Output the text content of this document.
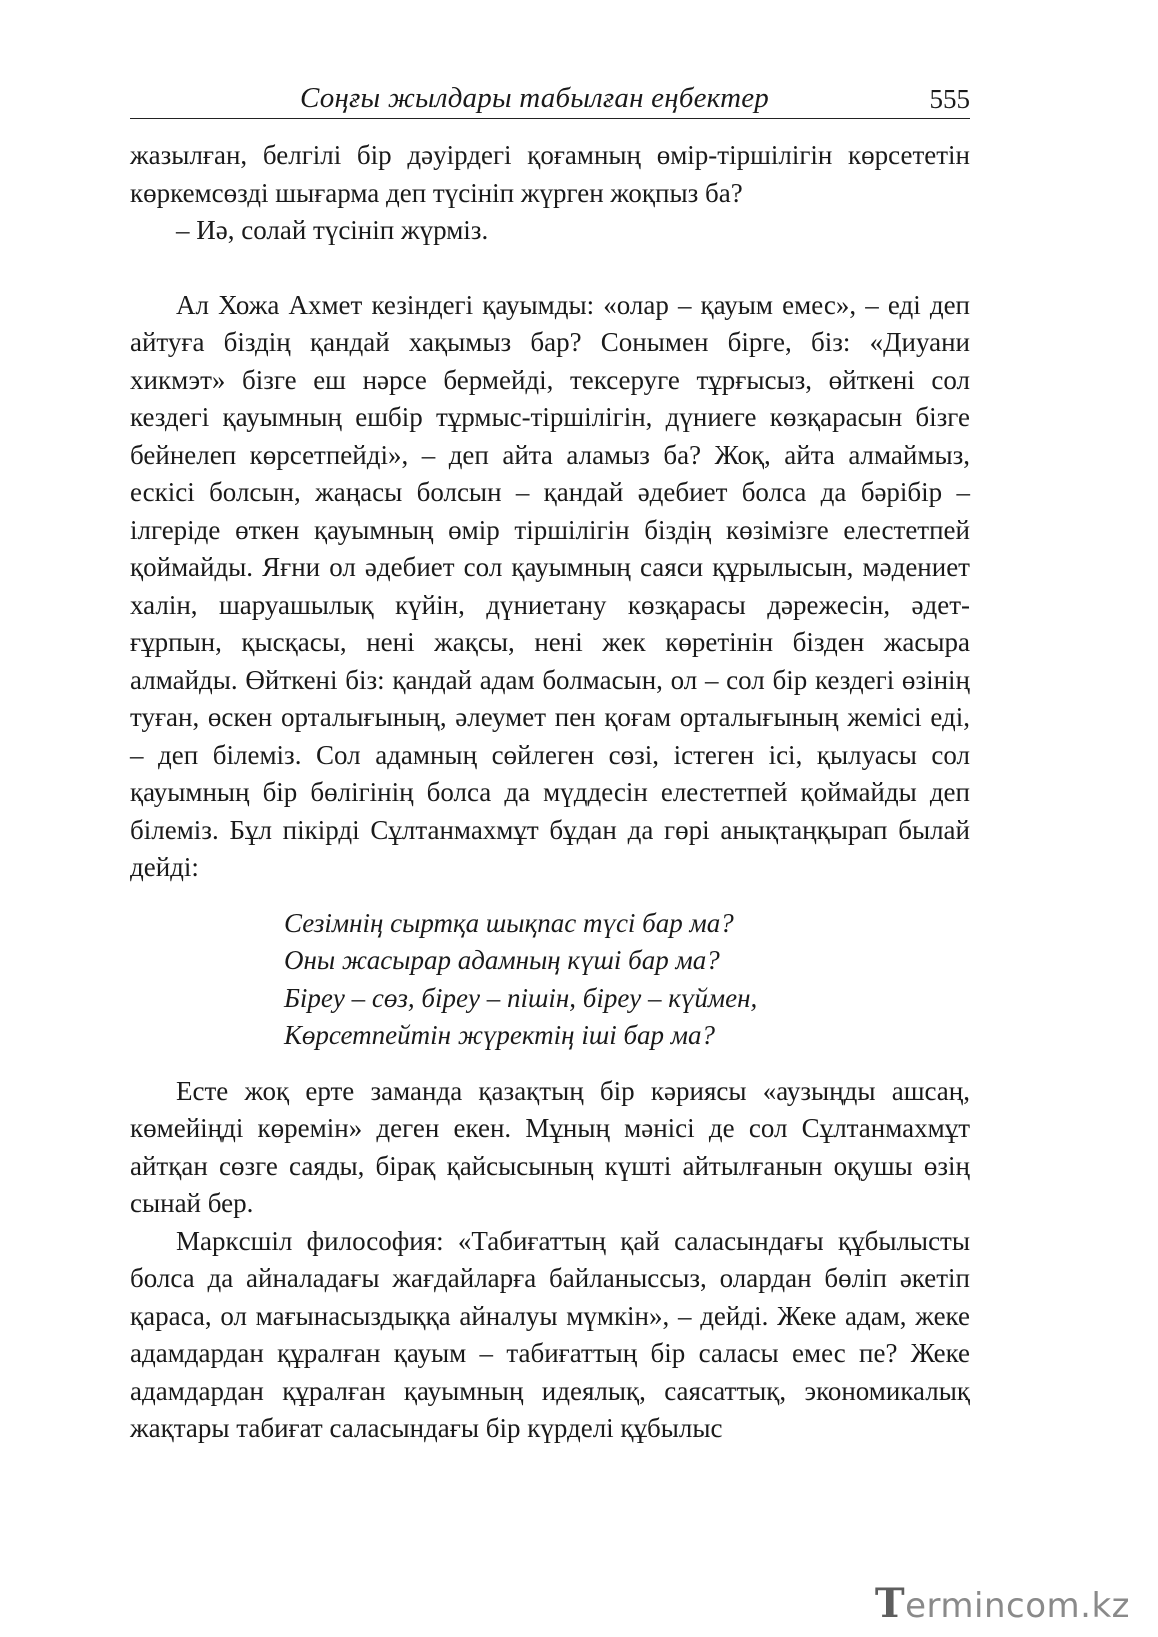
Соңғы жылдары табылған еңбектер	555

жазылған, белгілі бір дәуірдегі қоғамның өмір-тіршілігін көрсететін көркемсөзді шығарма деп түсініп жүрген жоқпыз ба?

– Иә, солай түсініп жүрміз.

Ал Хожа Ахмет кезіндегі қауымды: «олар – қауым емес», – еді деп айтуға біздің қандай хақымыз бар? Сонымен бірге, біз: «Диуани хикмэт» бізге еш нәрсе бермейді, тексеруге тұрғысыз, өйткені сол кездегі қауымның ешбір тұрмыс-тіршілігін, дүниеге көзқарасын бізге бейнелеп көрсетпейді», – деп айта аламыз ба? Жоқ, айта алмаймыз, ескісі болсын, жаңасы болсын – қандай әдебиет болса да бәрібір – ілгеріде өткен қауымның өмір тіршілігін біздің көзімізге елестетпей қоймайды. Яғни ол әдебиет сол қауымның саяси құрылысын, мәдениет халін, шаруашылық күйін, дүниетану көзқарасы дәрежесін, әдет-ғұрпын, қысқасы, нені жақсы, нені жек көретінін бізден жасыра алмайды. Өйткені біз: қандай адам болмасын, ол – сол бір кездегі өзінің туған, өскен орталығының, әлеумет пен қоғам орталығының жемісі еді, – деп білеміз. Сол адамның сөйлеген сөзі, істеген ісі, қылуасы сол қауымның бір бөлігінің болса да мүддесін елестетпей қоймайды деп білеміз. Бұл пікірді Сұлтанмахмұт бұдан да гөрі анықтаңқырап былай дейді:

Сезімнің сыртқа шықпас түсі бар ма?
Оны жасырар адамның күші бар ма?
Біреу – сөз, біреу – пішін, біреу – күймен,
Көрсетпейтін жүректің іші бар ма?

Есте жоқ ерте заманда қазақтың бір кәриясы «аузыңды ашсаң, көмейіңді көремін» деген екен. Мұның мәнісі де сол Сұлтанмахмұт айтқан сөзге саяды, бірақ қайсысының күшті айтылғанын оқушы өзің сынай бер.

Маркcшіл философия: «Табиғаттың қай саласындағы құбылысты болса да айналадағы жағдайларға байланыссыз, олардан бөліп әкетіп қараса, ол мағынасыздыққа айналуы мүмкін», – дейді. Жеке адам, жеке адамдардан құралған қауым – табиғаттың бір саласы емес пе? Жеке адамдардан құралған қауымның идеялық, саясаттық, экономикалық жақтары табиғат саласындағы бір күрделі құбылыс

T ermincom.kz
